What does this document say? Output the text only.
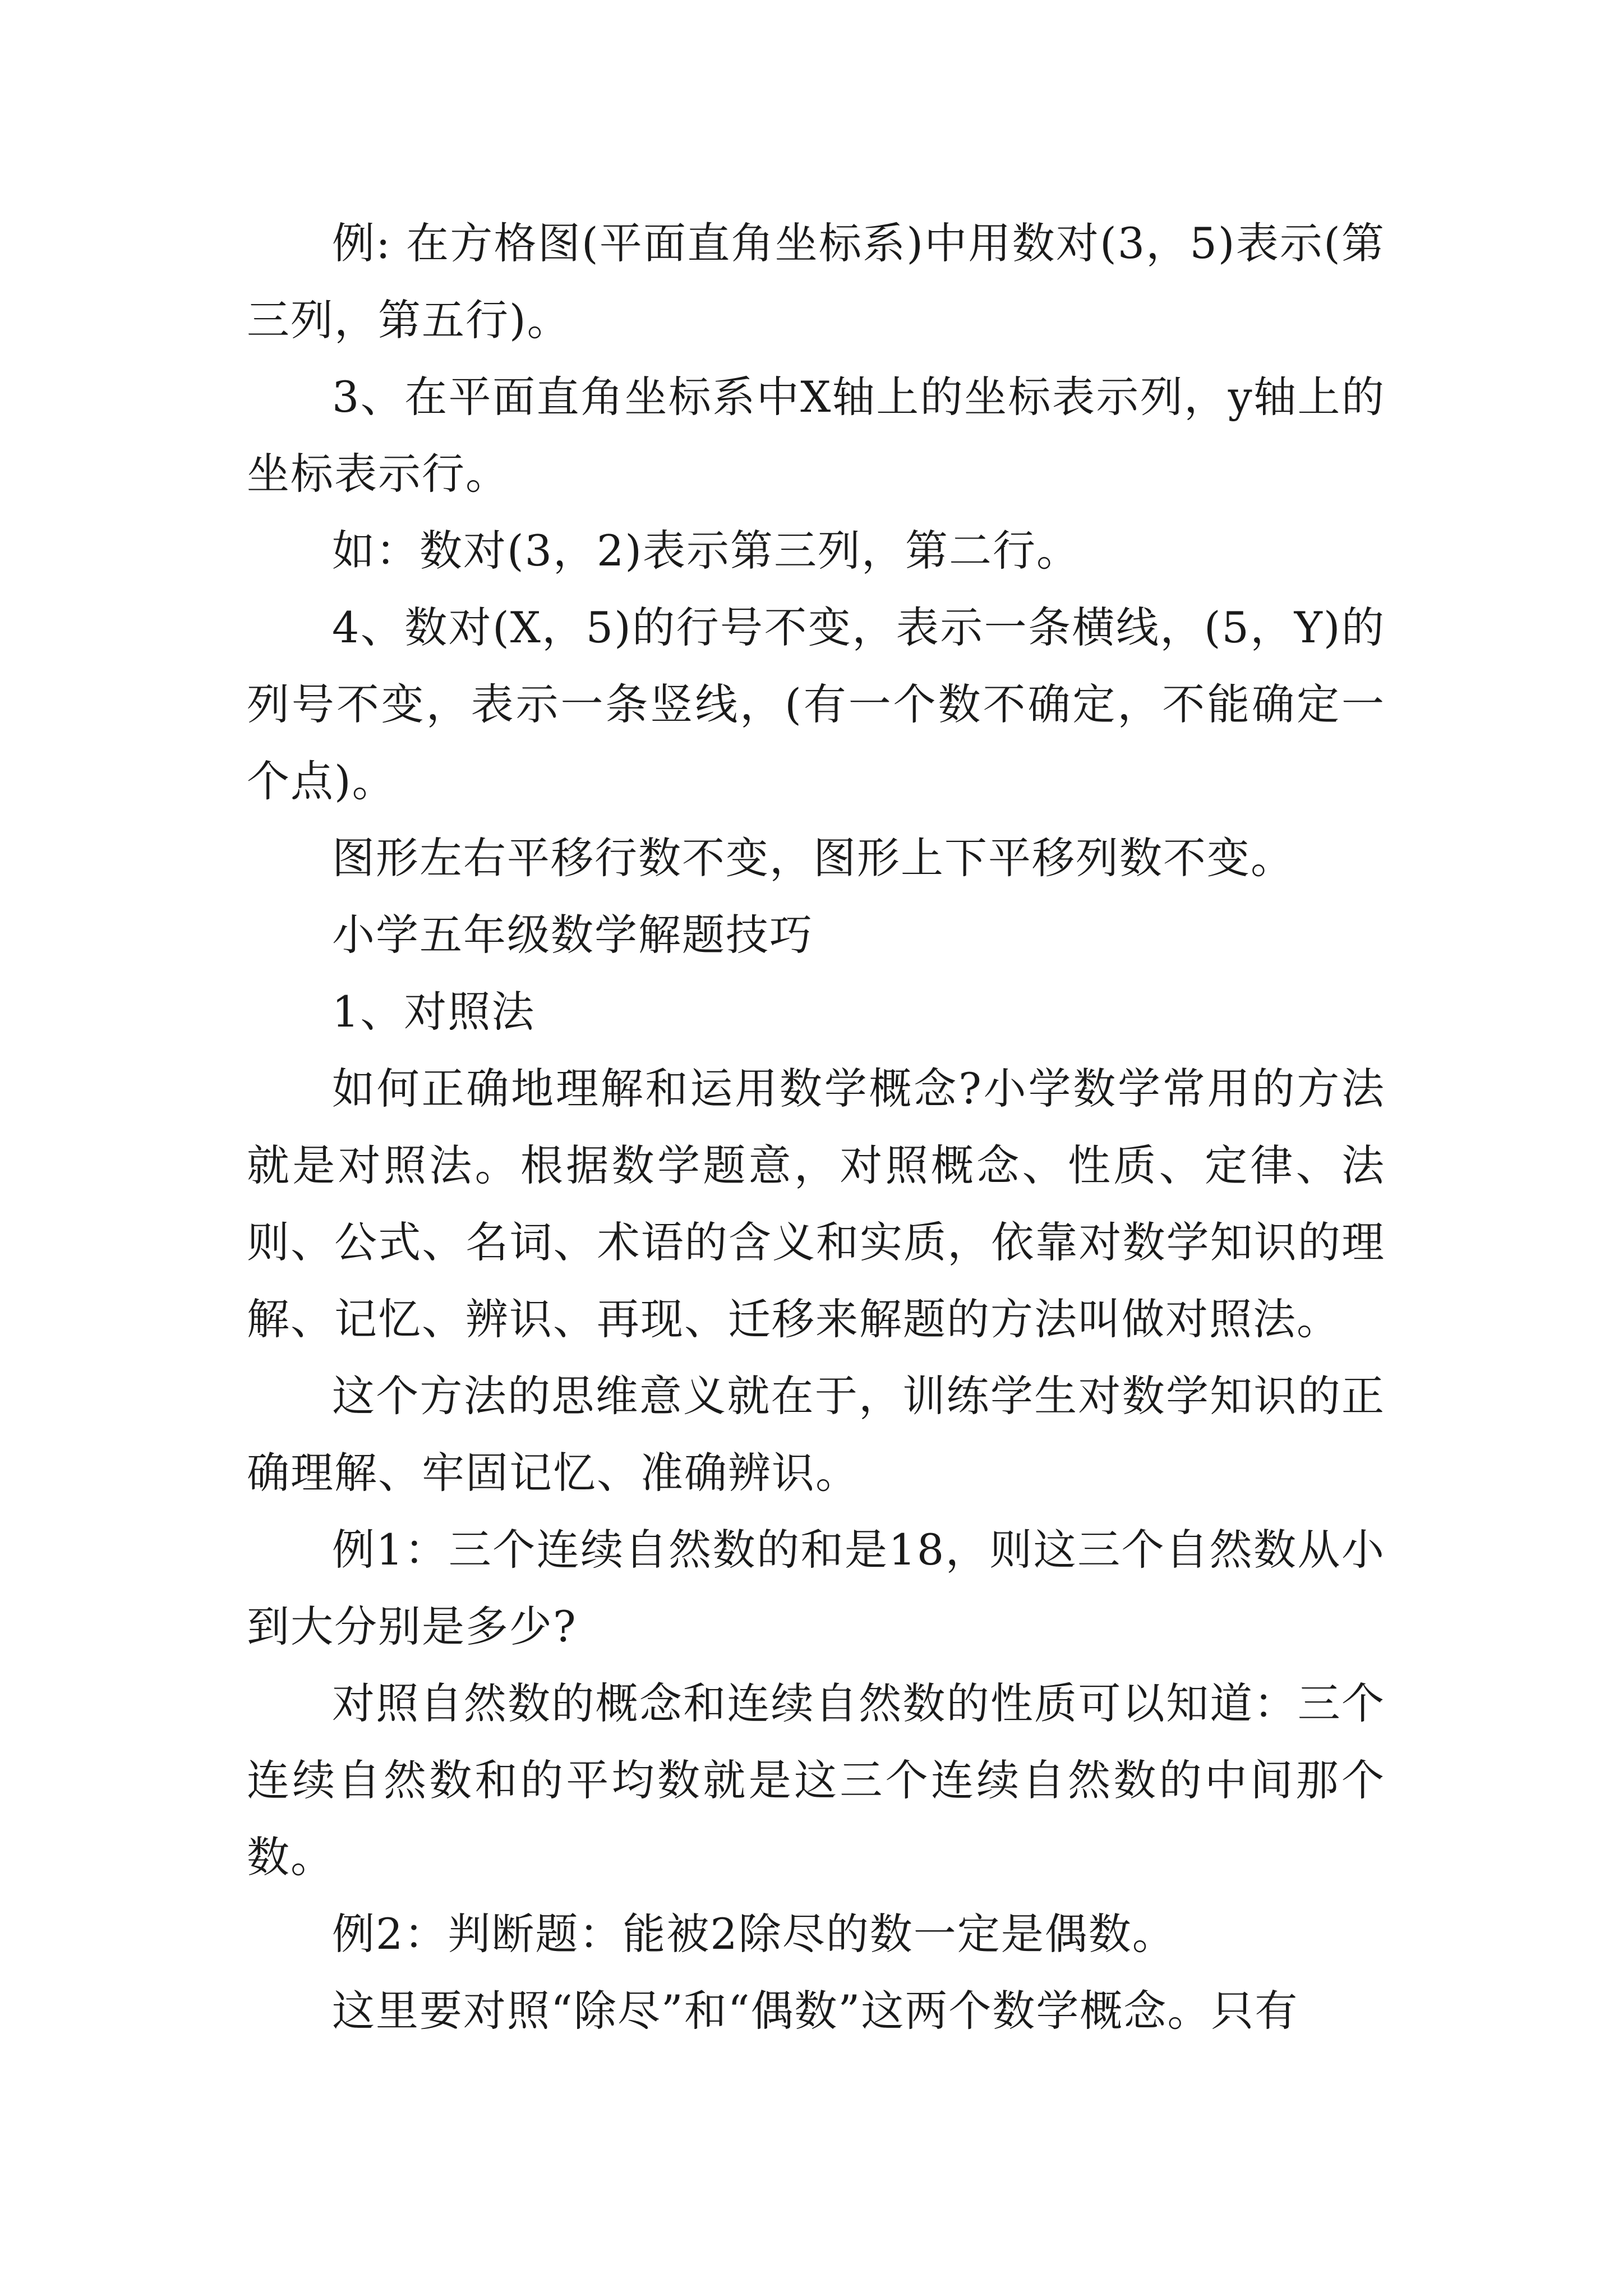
例: 在方格图(平面直角坐标系)中用数对(3，5)表示(第三列，第五行)。

3、在平面直角坐标系中X轴上的坐标表示列，y轴上的坐标表示行。

如：数对(3，2)表示第三列，第二行。

4、数对(X，5)的行号不变，表示一条横线，(5，Y)的列号不变，表示一条竖线，(有一个数不确定，不能确定一个点)。

图形左右平移行数不变，图形上下平移列数不变。

小学五年级数学解题技巧

1、对照法

如何正确地理解和运用数学概念?小学数学常用的方法就是对照法。根据数学题意，对照概念、性质、定律、法则、公式、名词、术语的含义和实质，依靠对数学知识的理解、记忆、辨识、再现、迁移来解题的方法叫做对照法。

这个方法的思维意义就在于，训练学生对数学知识的正确理解、牢固记忆、准确辨识。

例1：三个连续自然数的和是18，则这三个自然数从小到大分别是多少?

对照自然数的概念和连续自然数的性质可以知道：三个连续自然数和的平均数就是这三个连续自然数的中间那个数。

例2：判断题：能被2除尽的数一定是偶数。

这里要对照“除尽”和“偶数”这两个数学概念。只有
